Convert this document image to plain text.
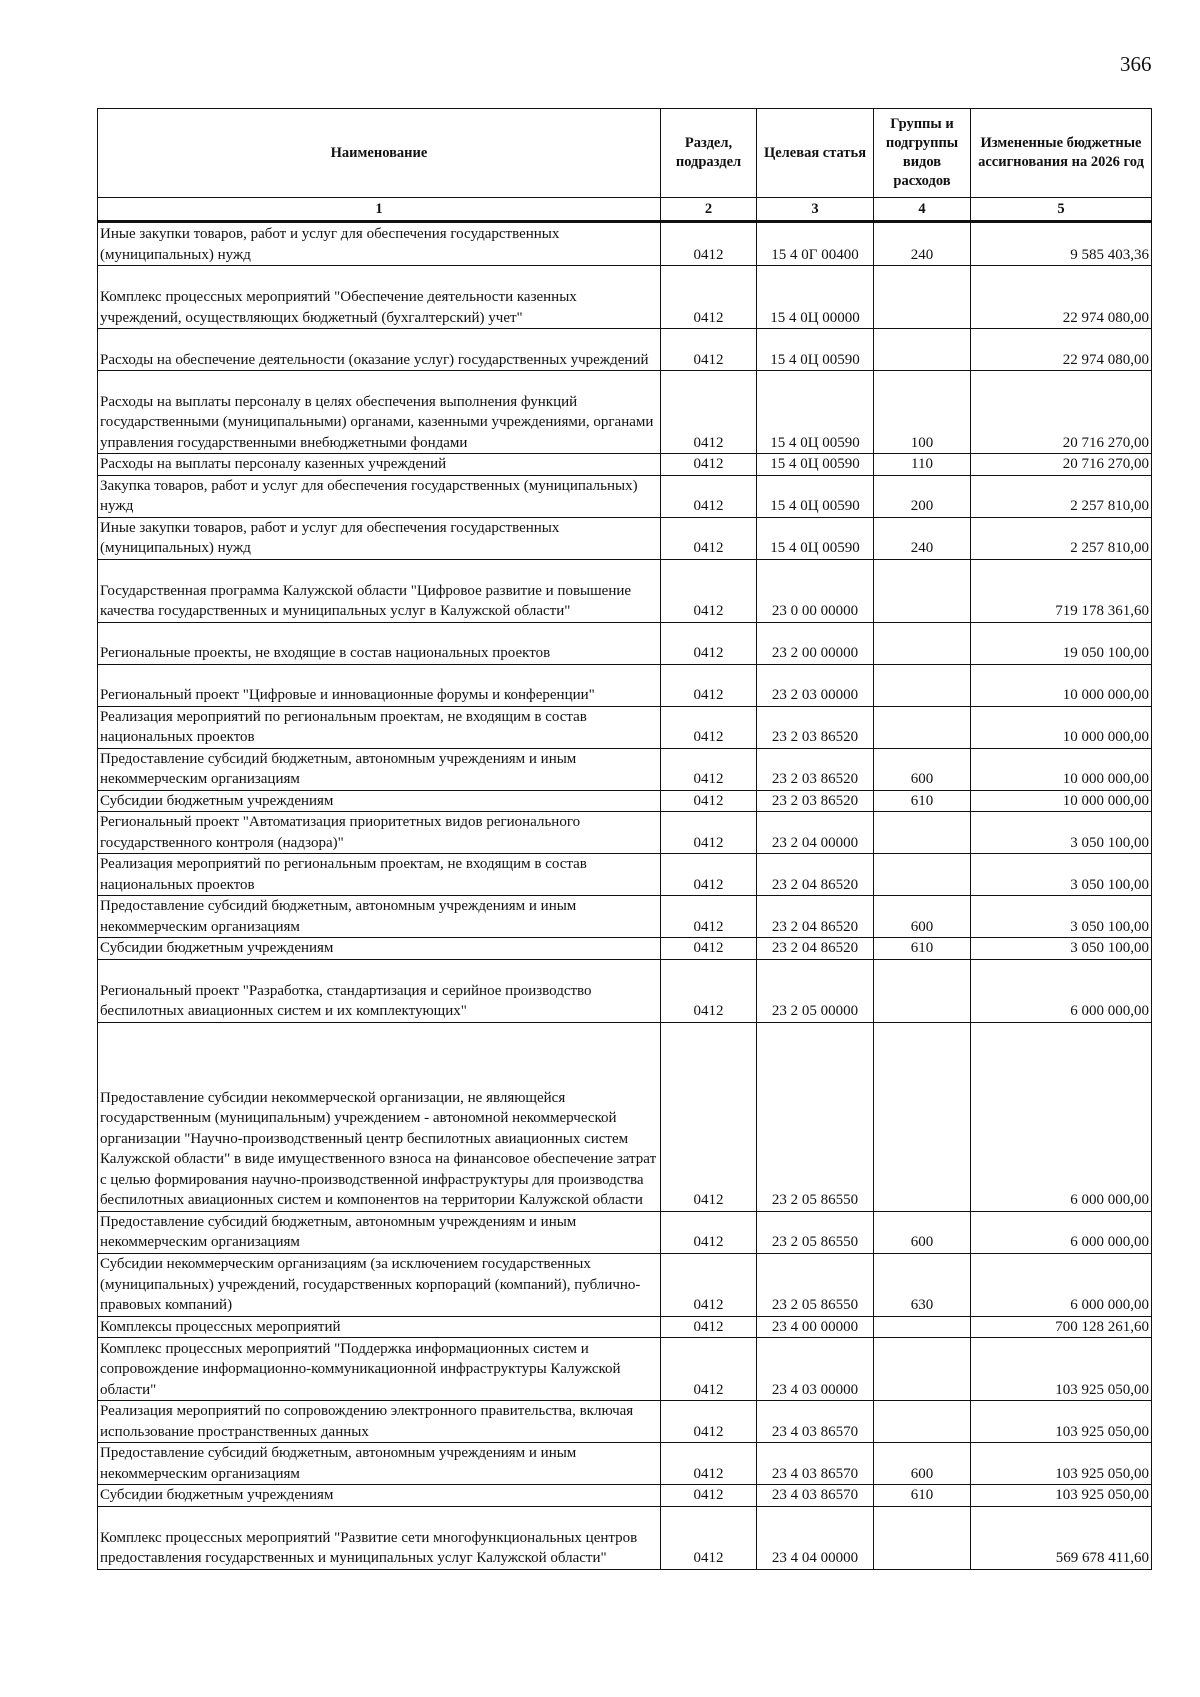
366
Наименование	Раздел, подраздел	Целевая статья	Группы и подгруппы видов расходов	Измененные бюджетные ассигнования на 2026 год
1	2	3	4	5
Иные закупки товаров, работ и услуг для обеспечения государственных (муниципальных) нужд	0412	15 4 0Г 00400	240	9 585 403,36
Комплекс процессных мероприятий "Обеспечение деятельности казенных учреждений, осуществляющих бюджетный (бухгалтерский) учет"	0412	15 4 0Ц 00000		22 974 080,00
Расходы на обеспечение деятельности (оказание услуг) государственных учреждений	0412	15 4 0Ц 00590		22 974 080,00
Расходы на выплаты персоналу в целях обеспечения выполнения функций государственными (муниципальными) органами, казенными учреждениями, органами управления государственными внебюджетными фондами	0412	15 4 0Ц 00590	100	20 716 270,00
Расходы на выплаты персоналу казенных учреждений	0412	15 4 0Ц 00590	110	20 716 270,00
Закупка товаров, работ и услуг для обеспечения государственных (муниципальных) нужд	0412	15 4 0Ц 00590	200	2 257 810,00
Иные закупки товаров, работ и услуг для обеспечения государственных (муниципальных) нужд	0412	15 4 0Ц 00590	240	2 257 810,00
Государственная программа Калужской области "Цифровое развитие и повышение качества государственных и муниципальных услуг в Калужской области"	0412	23 0 00 00000		719 178 361,60
Региональные проекты, не входящие в состав национальных проектов	0412	23 2 00 00000		19 050 100,00
Региональный проект "Цифровые и инновационные форумы и конференции"	0412	23 2 03 00000		10 000 000,00
Реализация мероприятий по региональным проектам, не входящим в состав национальных проектов	0412	23 2 03 86520		10 000 000,00
Предоставление субсидий бюджетным, автономным учреждениям и иным некоммерческим организациям	0412	23 2 03 86520	600	10 000 000,00
Субсидии бюджетным учреждениям	0412	23 2 03 86520	610	10 000 000,00
Региональный проект "Автоматизация приоритетных видов регионального государственного контроля (надзора)"	0412	23 2 04 00000		3 050 100,00
Реализация мероприятий по региональным проектам, не входящим в состав национальных проектов	0412	23 2 04 86520		3 050 100,00
Предоставление субсидий бюджетным, автономным учреждениям и иным некоммерческим организациям	0412	23 2 04 86520	600	3 050 100,00
Субсидии бюджетным учреждениям	0412	23 2 04 86520	610	3 050 100,00
Региональный проект "Разработка, стандартизация и серийное производство беспилотных авиационных систем и их комплектующих"	0412	23 2 05 00000		6 000 000,00
Предоставление субсидии некоммерческой организации, не являющейся государственным (муниципальным) учреждением - автономной некоммерческой организации "Научно-производственный центр беспилотных авиационных систем Калужской области" в виде имущественного взноса на финансовое обеспечение затрат с целью формирования научно-производственной инфраструктуры для производства беспилотных авиационных систем и компонентов на территории Калужской области	0412	23 2 05 86550		6 000 000,00
Предоставление субсидий бюджетным, автономным учреждениям и иным некоммерческим организациям	0412	23 2 05 86550	600	6 000 000,00
Субсидии некоммерческим организациям (за исключением государственных (муниципальных) учреждений, государственных корпораций (компаний), публично-правовых компаний)	0412	23 2 05 86550	630	6 000 000,00
Комплексы процессных мероприятий	0412	23 4 00 00000		700 128 261,60
Комплекс процессных мероприятий "Поддержка информационных систем и сопровождение информационно-коммуникационной инфраструктуры Калужской области"	0412	23 4 03 00000		103 925 050,00
Реализация мероприятий по сопровождению электронного правительства, включая использование пространственных данных	0412	23 4 03 86570		103 925 050,00
Предоставление субсидий бюджетным, автономным учреждениям и иным некоммерческим организациям	0412	23 4 03 86570	600	103 925 050,00
Субсидии бюджетным учреждениям	0412	23 4 03 86570	610	103 925 050,00
Комплекс процессных мероприятий "Развитие сети многофункциональных центров предоставления государственных и муниципальных услуг Калужской области"	0412	23 4 04 00000		569 678 411,60
